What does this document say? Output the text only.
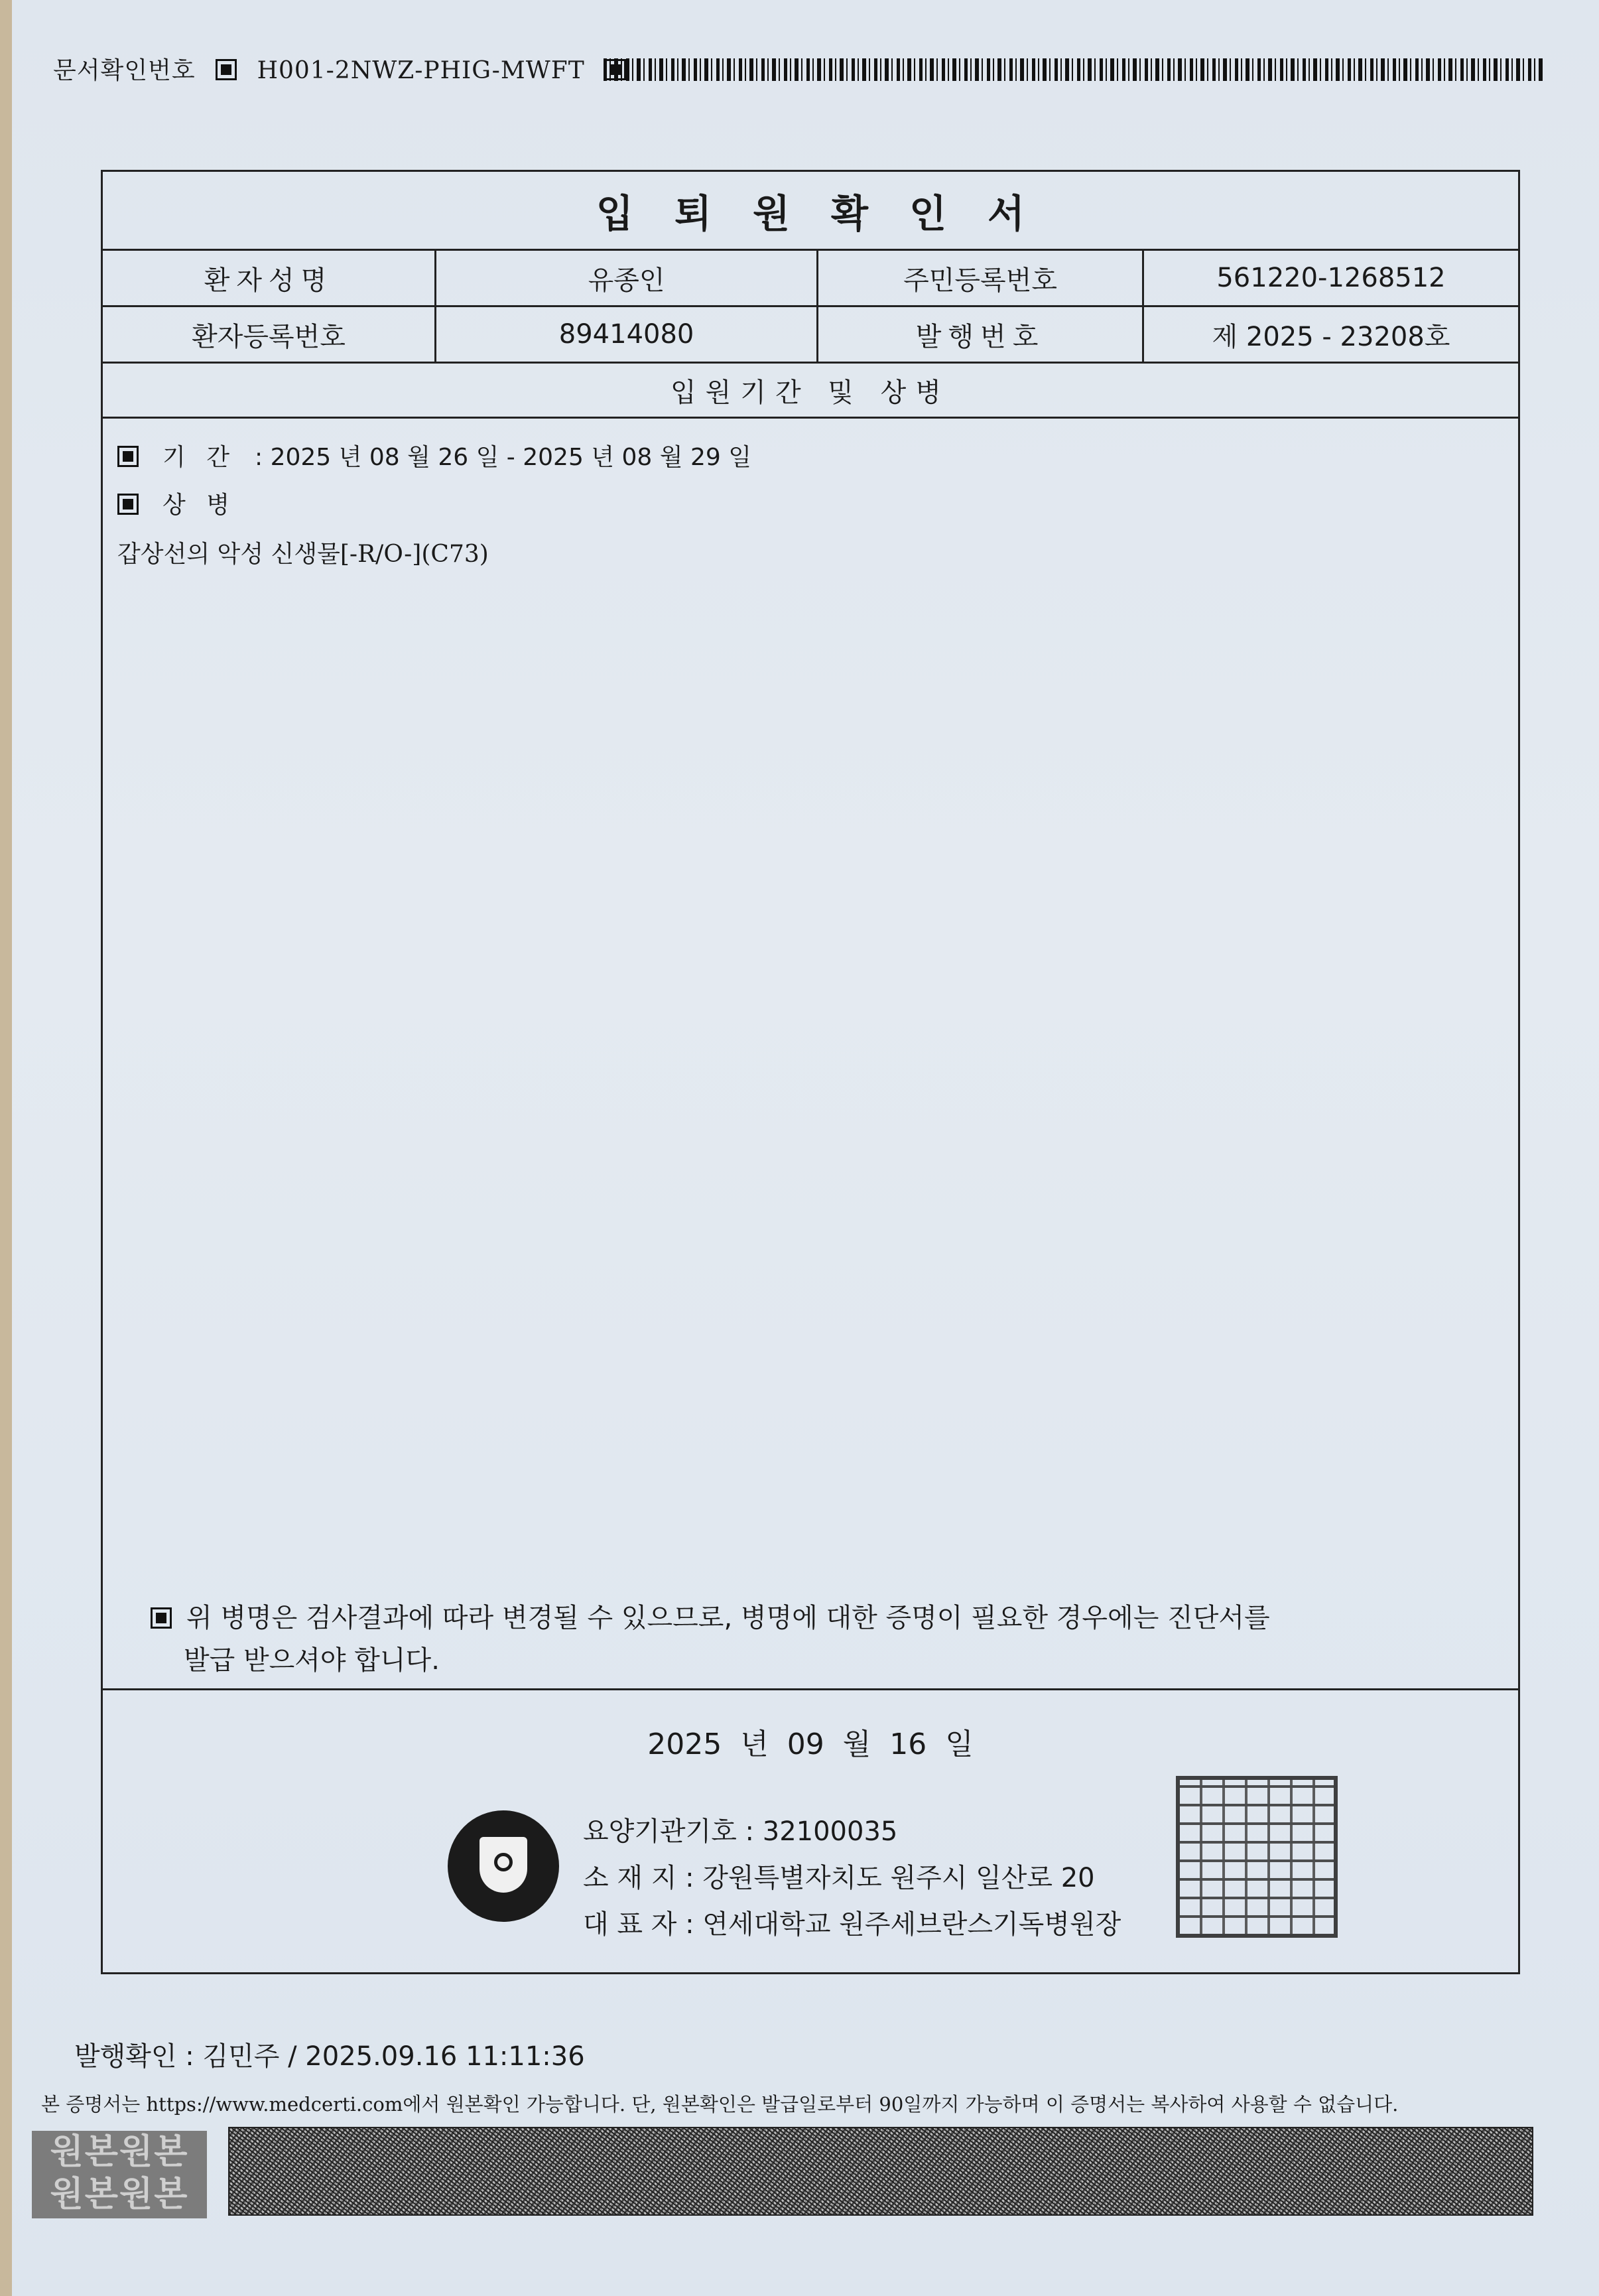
문서확인번호	H001-2NWZ-PHIG-MWFT
입퇴원확인서
환자성명	유종인	주민등록번호	561220-1268512
환자등록번호	89414080	발행번호	제 2025 - 23208호
입원기간 및 상병
기 간 : 2025 년 08 월 26 일 - 2025 년 08 월 29 일
상 병
갑상선의 악성 신생물[-R/O-](C73)
위 병명은 검사결과에 따라 변경될 수 있으므로, 병명에 대한 증명이 필요한 경우에는 진단서를
발급 받으셔야 합니다.
2025 년 09 월 16 일
요양기관기호 : 32100035
소 재 지 : 강원특별자치도 원주시 일산로 20
대 표 자 : 연세대학교 원주세브란스기독병원장
발행확인 : 김민주 / 2025.09.16 11:11:36
본 증명서는 https://www.medcerti.com에서 원본확인 가능합니다. 단, 원본확인은 발급일로부터 90일까지 가능하며 이 증명서는 복사하여 사용할 수 없습니다.
원본원본
원본원본
